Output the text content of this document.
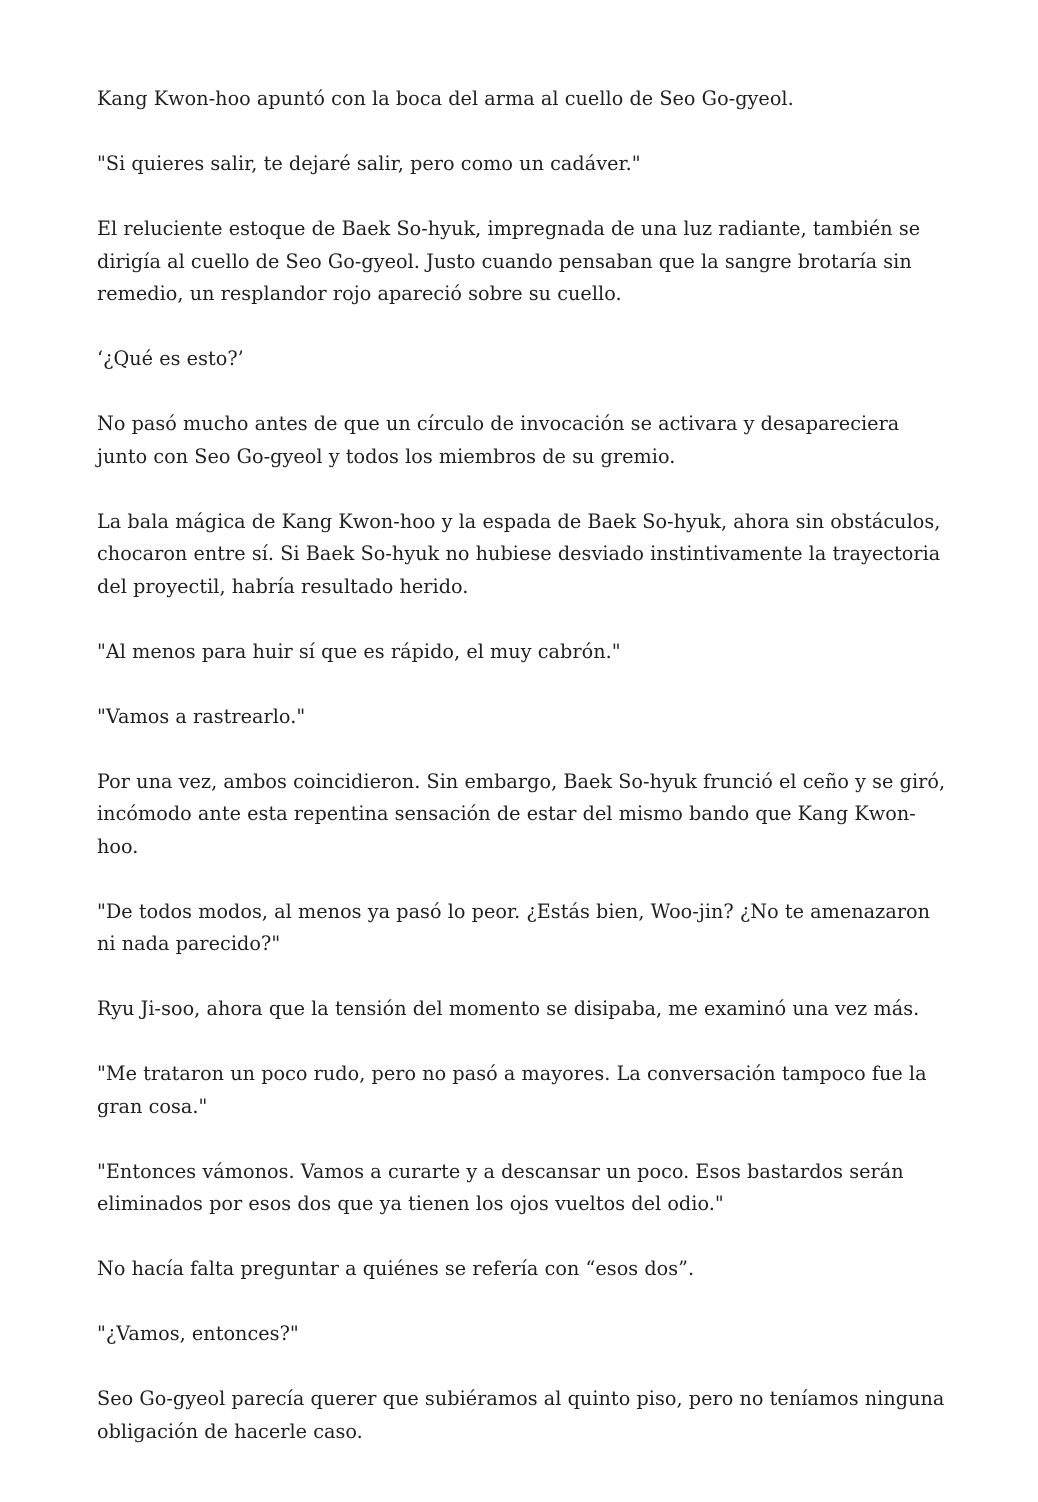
Kang Kwon-hoo apuntó con la boca del arma al cuello de Seo Go-gyeol.

"Si quieres salir, te dejaré salir, pero como un cadáver."

El reluciente estoque de Baek So-hyuk, impregnada de una luz radiante, también se dirigía al cuello de Seo Go-gyeol. Justo cuando pensaban que la sangre brotaría sin remedio, un resplandor rojo apareció sobre su cuello.

‘¿Qué es esto?’

No pasó mucho antes de que un círculo de invocación se activara y desapareciera junto con Seo Go-gyeol y todos los miembros de su gremio.

La bala mágica de Kang Kwon-hoo y la espada de Baek So-hyuk, ahora sin obstáculos, chocaron entre sí. Si Baek So-hyuk no hubiese desviado instintivamente la trayectoria del proyectil, habría resultado herido.

"Al menos para huir sí que es rápido, el muy cabrón."

"Vamos a rastrearlo."

Por una vez, ambos coincidieron. Sin embargo, Baek So-hyuk frunció el ceño y se giró, incómodo ante esta repentina sensación de estar del mismo bando que Kang Kwon-hoo.

"De todos modos, al menos ya pasó lo peor. ¿Estás bien, Woo-jin? ¿No te amenazaron ni nada parecido?"

Ryu Ji-soo, ahora que la tensión del momento se disipaba, me examinó una vez más.

"Me trataron un poco rudo, pero no pasó a mayores. La conversación tampoco fue la gran cosa."

"Entonces vámonos. Vamos a curarte y a descansar un poco. Esos bastardos serán eliminados por esos dos que ya tienen los ojos vueltos del odio."

No hacía falta preguntar a quiénes se refería con “esos dos”.

"¿Vamos, entonces?"

Seo Go-gyeol parecía querer que subiéramos al quinto piso, pero no teníamos ninguna obligación de hacerle caso.
